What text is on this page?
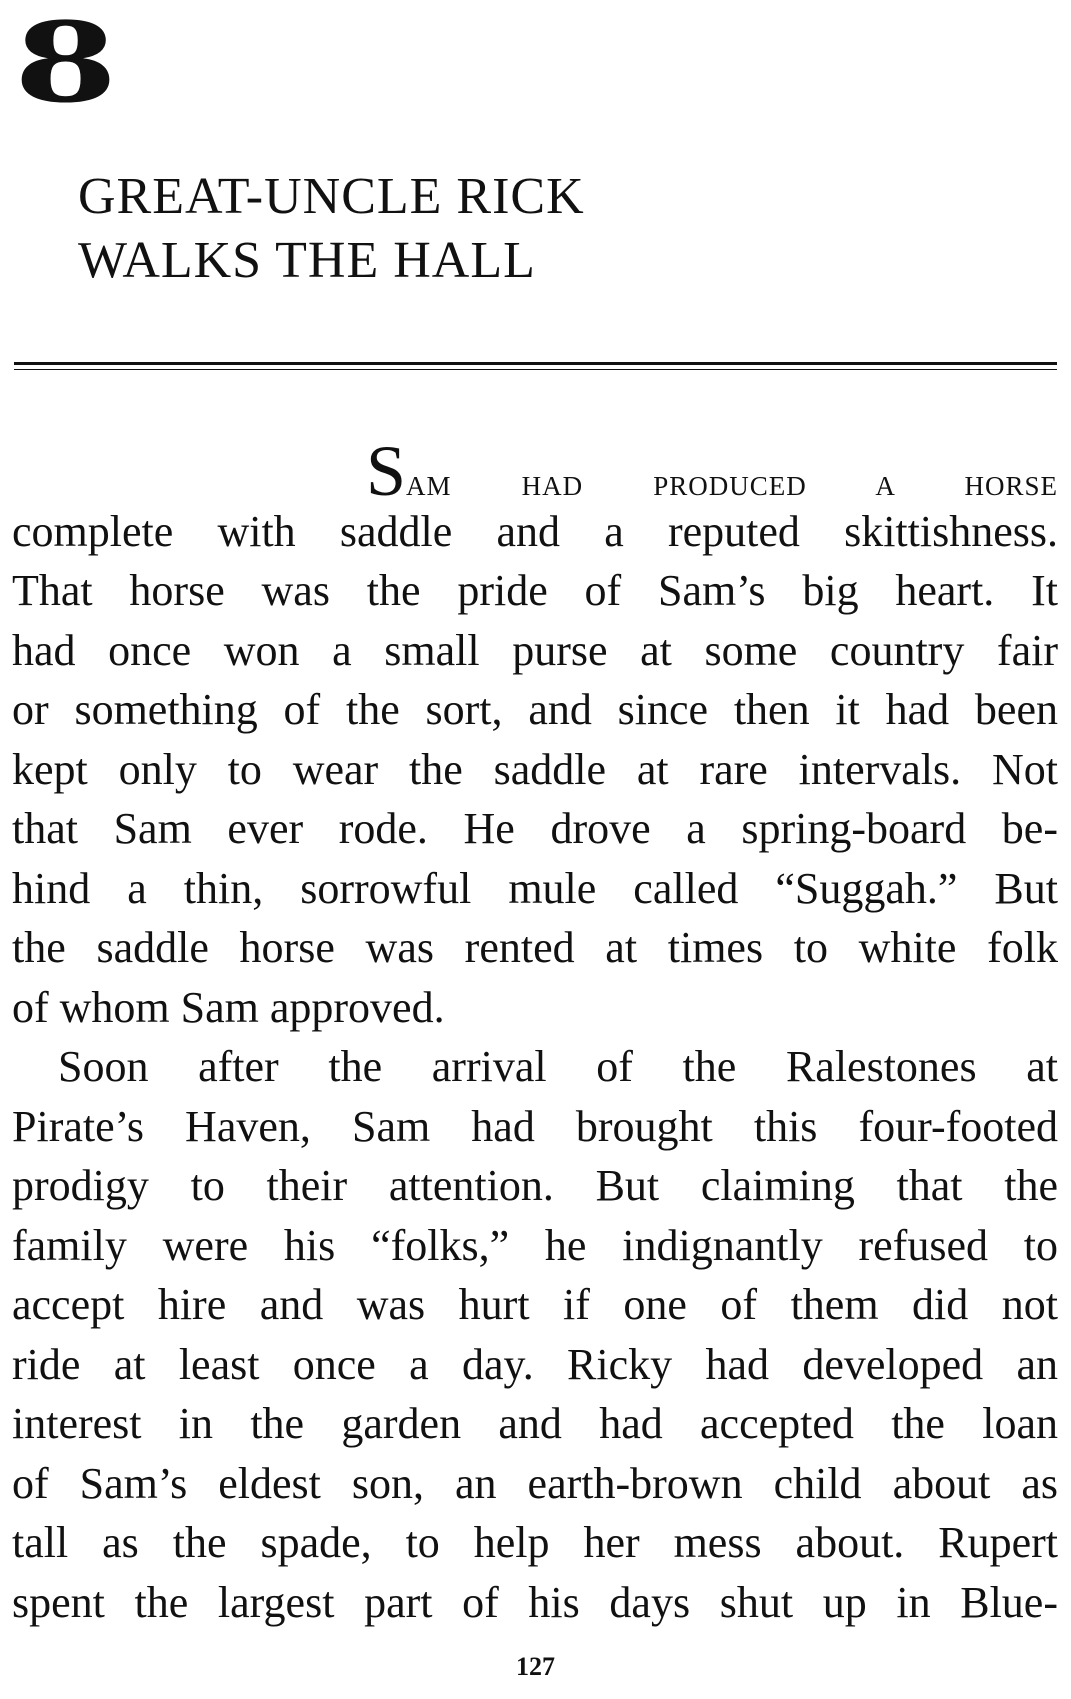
8
GREAT-UNCLE RICK
WALKS THE HALL
SAM HAD PRODUCED A HORSE
complete with saddle and a reputed skittishness.
That horse was the pride of Sam’s big heart. It
had once won a small purse at some country fair
or something of the sort, and since then it had been
kept only to wear the saddle at rare intervals. Not
that Sam ever rode. He drove a spring-board be-
hind a thin, sorrowful mule called “Suggah.” But
the saddle horse was rented at times to white folk
of whom Sam approved.
Soon after the arrival of the Ralestones at
Pirate’s Haven, Sam had brought this four-footed
prodigy to their attention. But claiming that the
family were his “folks,” he indignantly refused to
accept hire and was hurt if one of them did not
ride at least once a day. Ricky had developed an
interest in the garden and had accepted the loan
of Sam’s eldest son, an earth-brown child about as
tall as the spade, to help her mess about. Rupert
spent the largest part of his days shut up in Blue-
127
